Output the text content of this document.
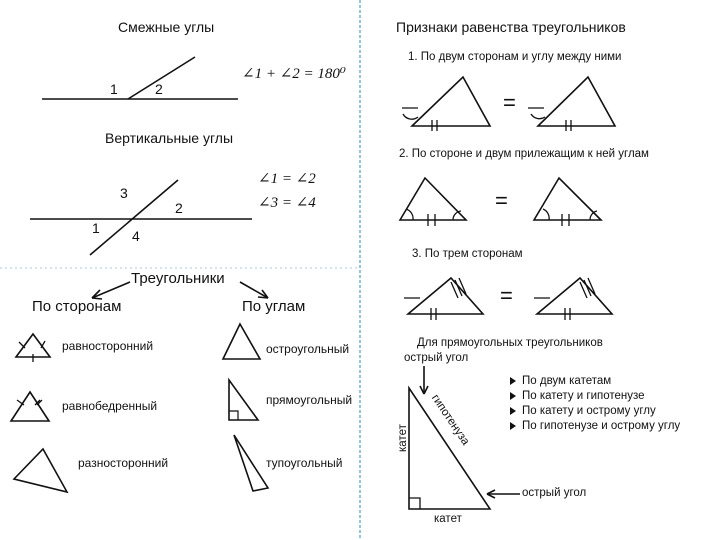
Смежные углы
1	2
∠1 + ∠2 = 180⁰
Вертикальные углы
1
2
3
4
∠1 = ∠2
∠3 = ∠4
Треугольники
По сторонам	По углам
равносторонний
равнобедренный
разносторонний
остроугольный
прямоугольный
тупоугольный
Признаки равенства треугольников
1. По двум сторонам и углу между ними
=
2. По стороне и двум прилежащим к ней углам
=
3. По трем сторонам
=
Для прямоугольных треугольников
острый угол
катет гипотенуза
катет
острый угол
По двум катетам
По катету и гипотенузе
По катету и острому углу
По гипотенузе и острому углу
